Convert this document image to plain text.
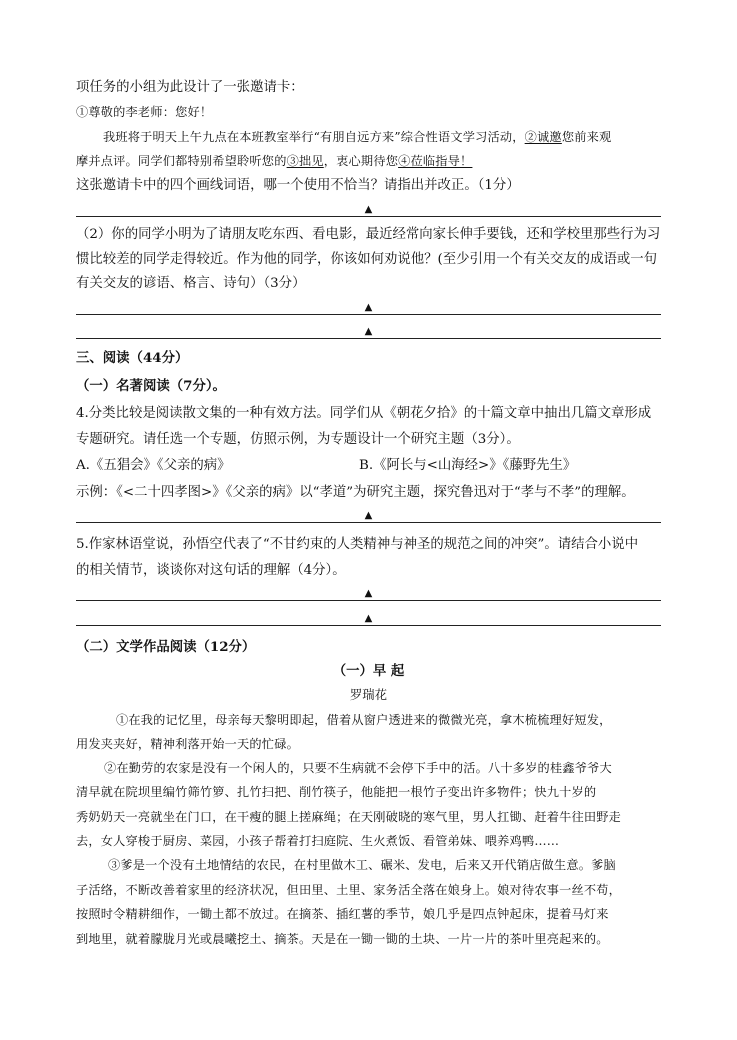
项任务的小组为此设计了一张邀请卡：
①尊敬的李老师：您好！
我班将于明天上午九点在本班教室举行“有朋自远方来”综合性语文学习活动，②诚邀您前来观
摩并点评。同学们都特别希望聆听您的③拙见，衷心期待您④莅临指导！
这张邀请卡中的四个画线词语，哪一个使用不恰当？请指出并改正。（1分）
▲
（2）你的同学小明为了请朋友吃东西、看电影，最近经常向家长伸手要钱，还和学校里那些行为习
惯比较差的同学走得较近。作为他的同学，你该如何劝说他？(至少引用一个有关交友的成语或一句
有关交友的谚语、格言、诗句）（3分）
▲
▲
三、阅读（44分）
（一）名著阅读（7分）。
4.分类比较是阅读散文集的一种有效方法。同学们从《朝花夕拾》的十篇文章中抽出几篇文章形成
专题研究。请任选一个专题，仿照示例，为专题设计一个研究主题（3分）。
A.《五猖会》《父亲的病》	B.《阿长与<山海经>》《藤野先生》
示例：《<二十四孝图>》《父亲的病》以“孝道”为研究主题，探究鲁迅对于“孝与不孝”的理解。
▲
5.作家林语堂说，孙悟空代表了“不甘约束的人类精神与神圣的规范之间的冲突”。请结合小说中
的相关情节，谈谈你对这句话的理解（4分）。
▲
▲
（二）文学作品阅读（12分）
（一）早 起
罗瑞花
①在我的记忆里，母亲每天黎明即起，借着从窗户透进来的微微光亮，拿木梳梳理好短发，
用发夹夹好，精神利落开始一天的忙碌。
②在勤劳的农家是没有一个闲人的，只要不生病就不会停下手中的活。八十多岁的桂鑫爷爷大
清早就在院坝里编竹筛竹箩、扎竹扫把、削竹筷子，他能把一根竹子变出许多物件；快九十岁的
秀奶奶天一亮就坐在门口，在干瘦的腿上搓麻绳；在天刚破晓的寒气里，男人扛锄、赶着牛往田野走
去，女人穿梭于厨房、菜园，小孩子帮着打扫庭院、生火煮饭、看管弟妹、喂养鸡鸭……
③爹是一个没有土地情结的农民，在村里做木工、碾米、发电，后来又开代销店做生意。爹脑
子活络，不断改善着家里的经济状况，但田里、土里、家务活全落在娘身上。娘对待农事一丝不苟，
按照时令精耕细作，一锄土都不放过。在摘茶、插红薯的季节，娘几乎是四点钟起床，提着马灯来
到地里，就着朦胧月光或晨曦挖土、摘茶。天是在一锄一锄的土块、一片一片的茶叶里亮起来的。
